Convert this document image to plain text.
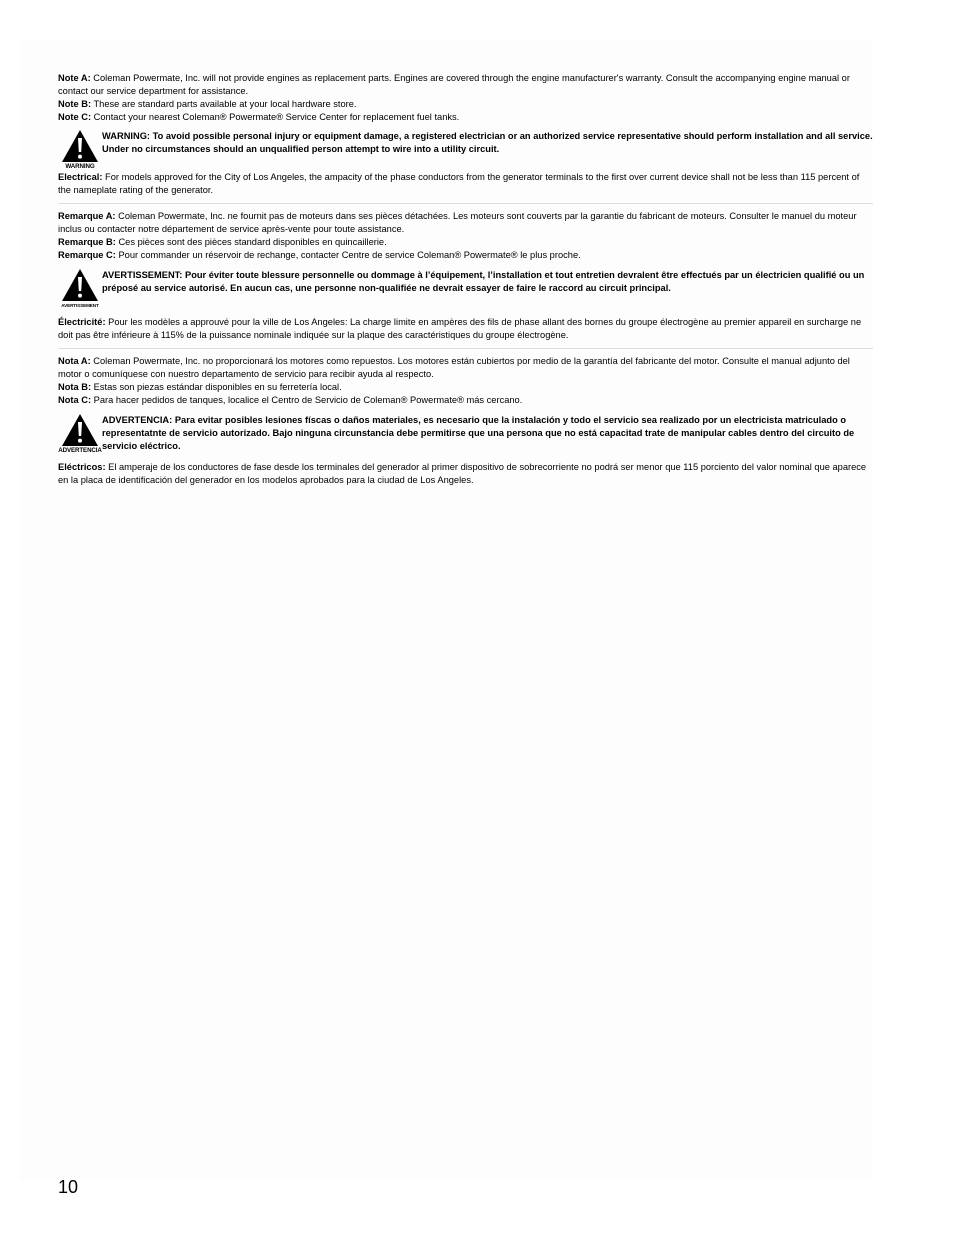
Note A: Coleman Powermate, Inc. will not provide engines as replacement parts. Engines are covered through the engine manufacturer's warranty. Consult the accompanying engine manual or contact our service department for assistance.

Note B: These are standard parts available at your local hardware store.

Note C: Contact your nearest Coleman® Powermate® Service Center for replacement fuel tanks.

WARNING
WARNING: To avoid possible personal injury or equipment damage, a registered electrician or an authorized service representative should perform installation and all service. Under no circumstances should an unqualified person attempt to wire into a utility circuit.

Electrical: For models approved for the City of Los Angeles, the ampacity of the phase conductors from the generator terminals to the first over current device shall not be less than 115 percent of the nameplate rating of the generator.

Remarque A: Coleman Powermate, Inc. ne fournit pas de moteurs dans ses pièces détachées. Les moteurs sont couverts par la garantie du fabricant de moteurs. Consulter le manuel du moteur inclus ou contacter notre département de service après-vente pour toute assistance.

Remarque B: Ces pièces sont des pièces standard disponibles en quincaillerie.

Remarque C: Pour commander un réservoir de rechange, contacter Centre de service Coleman® Powermate® le plus proche.

AVERTISSEMENT
AVERTISSEMENT: Pour éviter toute blessure personnelle ou dommage à l’équipement, l’installation et tout entretien devralent être effectués par un électricien qualifié ou un préposé au service autorisé. En aucun cas, une personne non-qualifiée ne devrait essayer de faire le raccord au circuit principal.

Électricité: Pour les modèles a approuvé pour la ville de Los Angeles: La charge limite en ampères des fils de phase allant des bornes du groupe électrogène au premier appareil en surcharge ne doit pas être inférieure à 115% de la puissance nominale indiquée sur la plaque des caractéristiques du groupe électrogène.

Nota A: Coleman Powermate, Inc. no proporcionará los motores como repuestos. Los motores están cubiertos por medio de la garantía del fabricante del motor. Consulte el manual adjunto del motor o comuníquese con nuestro departamento de servicio para recibir ayuda al respecto.

Nota B: Estas son piezas estándar disponibles en su ferretería local.

Nota C: Para hacer pedidos de tanques, localice el Centro de Servicio de Coleman® Powermate® más cercano.

ADVERTENCIA
ADVERTENCIA: Para evitar posibles lesiones físcas o daños materiales, es necesario que la instalación y todo el servicio sea realizado por un electricista matriculado o representatnte de servicio autorizado. Bajo ninguna circunstancia debe permitirse que una persona que no está capacitad trate de manipular cables dentro del circuito de servicio eléctrico.

Eléctricos: El amperaje de los conductores de fase desde los terminales del generador al primer dispositivo de sobrecorriente no podrá ser menor que 115 porciento del valor nominal que aparece en la placa de identificación del generador en los modelos aprobados para la ciudad de Los Angeles.

10
